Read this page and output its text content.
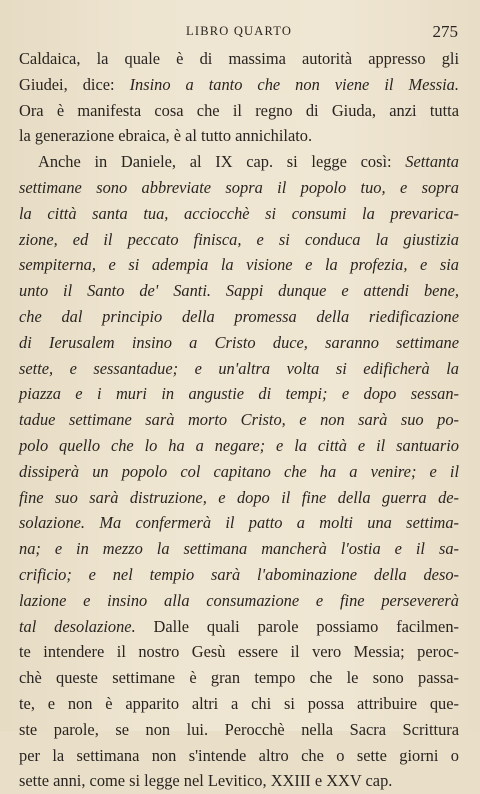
LIBRO QUARTO	275
Caldaica, la quale è di massima autorità appresso gli
Giudei, dice: Insino a tanto che non viene il Messia.
Ora è manifesta cosa che il regno di Giuda, anzi tutta
la generazione ebraica, è al tutto annichilato.
Anche in Daniele, al IX cap. si legge così: Settanta
settimane sono abbreviate sopra il popolo tuo, e sopra
la città santa tua, acciocchè si consumi la prevarica-
zione, ed il peccato finisca, e si conduca la giustizia
sempiterna, e si adempia la visione e la profezia, e sia
unto il Santo de' Santi. Sappi dunque e attendi bene,
che dal principio della promessa della riedificazione
di Ierusalem insino a Cristo duce, saranno settimane
sette, e sessantadue; e un'altra volta si edificherà la
piazza e i muri in angustie di tempi; e dopo sessan-
tadue settimane sarà morto Cristo, e non sarà suo po-
polo quello che lo ha a negare; e la città e il santuario
dissiperà un popolo col capitano che ha a venire; e il
fine suo sarà distruzione, e dopo il fine della guerra de-
solazione. Ma confermerà il patto a molti una settima-
na; e in mezzo la settimana mancherà l'ostia e il sa-
crificio; e nel tempio sarà l'abominazione della deso-
lazione e insino alla consumazione e fine persevererà
tal desolazione. Dalle quali parole possiamo facilmen-
te intendere il nostro Gesù essere il vero Messia; peroc-
chè queste settimane è gran tempo che le sono passa-
te, e non è apparito altri a chi si possa attribuire que-
ste parole, se non lui. Perocchè nella Sacra Scrittura
per la settimana non s'intende altro che o sette giorni o
sette anni, come si legge nel Levitico, XXIII e XXV cap.
